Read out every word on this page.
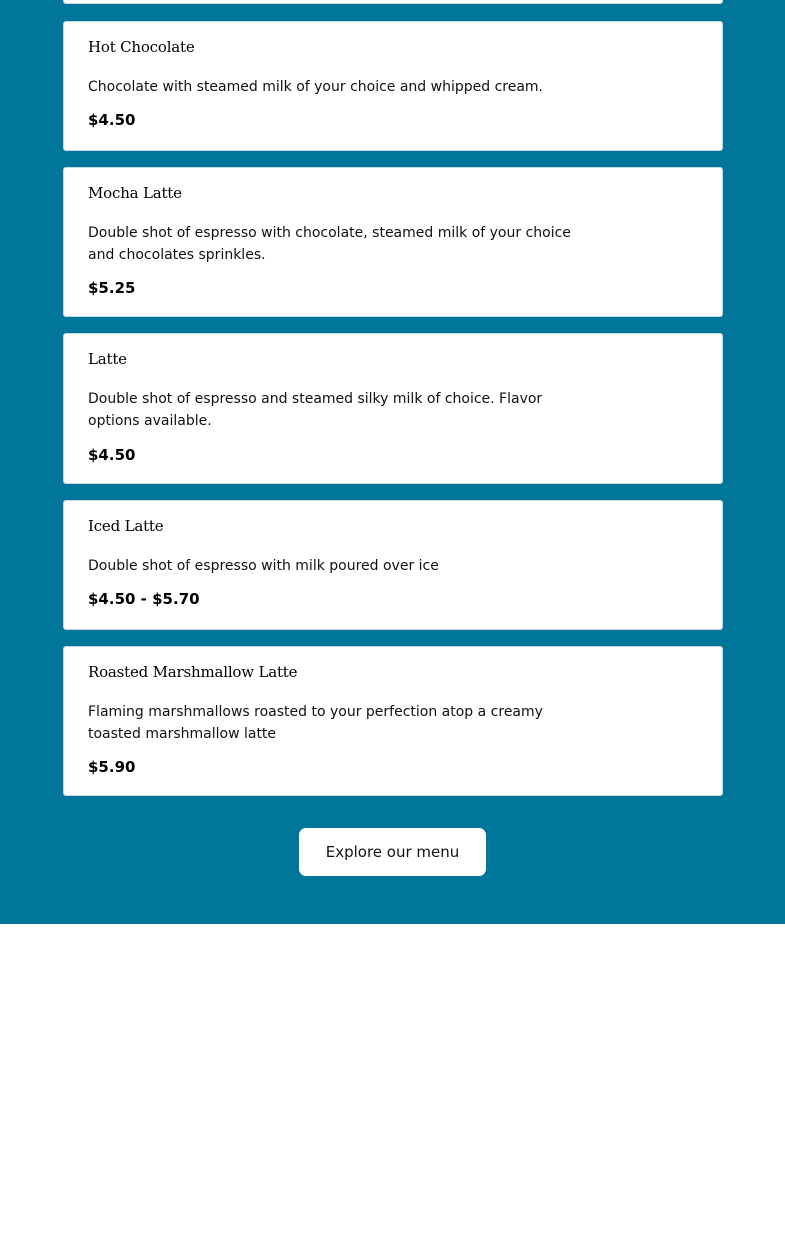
Hot Chocolate
Chocolate with steamed milk of your choice and whipped cream.
$4.50
Mocha Latte
Double shot of espresso with chocolate, steamed milk of your choice and chocolates sprinkles.
$5.25
Latte
Double shot of espresso and steamed silky milk of choice. Flavor options available.
$4.50
Iced Latte
Double shot of espresso with milk poured over ice
$4.50 - $5.70
Roasted Marshmallow Latte
Flaming marshmallows roasted to your perfection atop a creamy toasted marshmallow latte
$5.90
Explore our menu
